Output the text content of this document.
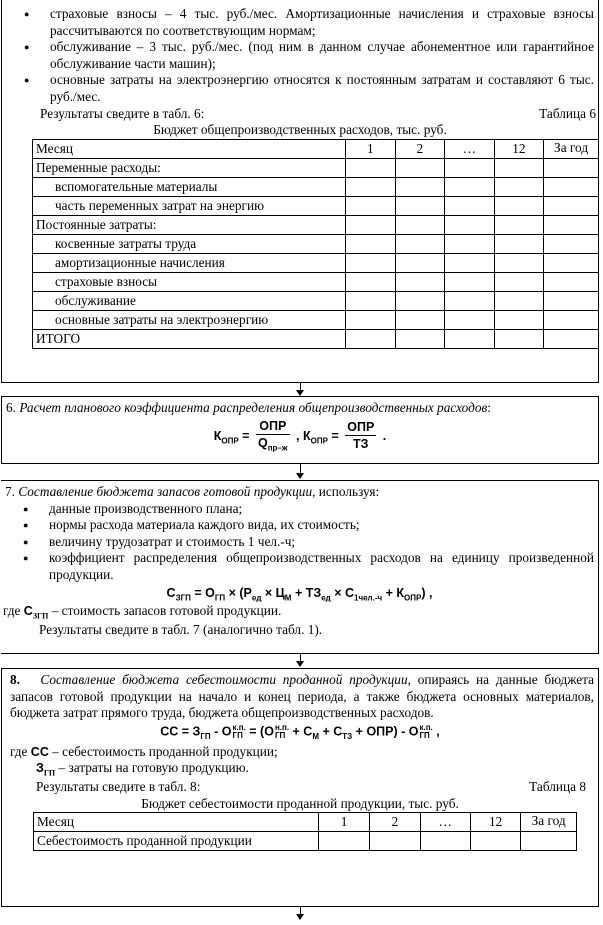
● страховые взносы – 4 тыс. руб./мес. Амортизационные начисления и страховые взносы рассчитываются по соответствующим нормам;
● обслуживание – 3 тыс. руб./мес. (под ним в данном случае абонементное или гарантийное обслуживание части машин);
● основные затраты на электроэнергию относятся к постоянным затратам и составляют 6 тыс. руб./мес.
Результаты сведите в табл. 6:	Таблица 6
Бюджет общепроизводственных расходов, тыс. руб.
Месяц	1	2	…	12	За год
Переменные расходы:					
вспомогательные материалы					
часть переменных затрат на энергию					
Постоянные затраты:					
косвенные затраты труда					
амортизационные начисления					
страховые взносы					
обслуживание					
основные затраты на электроэнергию					
ИТОГО					

6. Расчет планового коэффициента распределения общепроизводственных расходов:

$К_{ОПР} = \frac{\text{ОПР}}{Q_{пр-ж}}$ , $К_{ОПР} = \frac{\text{ОПР}}{ТЗ}$ .

7. Составление бюджета запасов готовой продукции, используя:

● данные производственного плана;
● нормы расхода материала каждого вида, их стоимость;
● величину трудозатрат и стоимость 1 чел.-ч;
● коэффициент распределения общепроизводственных расходов на единицу произведенной продукции.
$С_{ЗГП} = О_{ГП} \times (Р_{ед} \times Ц_М + ТЗ_{ед} \times С_{1чел.-ч} + К_{ОПР})$ ,

где $С_{ЗГП}$ – стоимость запасов готовой продукции.

Результаты сведите в табл. 7 (аналогично табл. 1).

8. Составление бюджета себестоимости проданной продукции, опираясь на данные бюджета запасов готовой продукции на начало и конец периода, а также бюджета основных материалов, бюджета затрат прямого труда, бюджета общепроизводственных расходов.

СС = $З_{ГП}$ - О к.п.
ГП = (О н.п.
ГП + $С_М + С_{ТЗ} + ОПР) - О$ к.п.
ГП ,

где СС – себестоимость проданной продукции;

$З_{ГП}$ – затраты на готовую продукцию.

Результаты сведите в табл. 8:	Таблица 8
Бюджет себестоимости проданной продукции, тыс. руб.
Месяц	1	2	…	12	За год
Себестоимость проданной продукции					
